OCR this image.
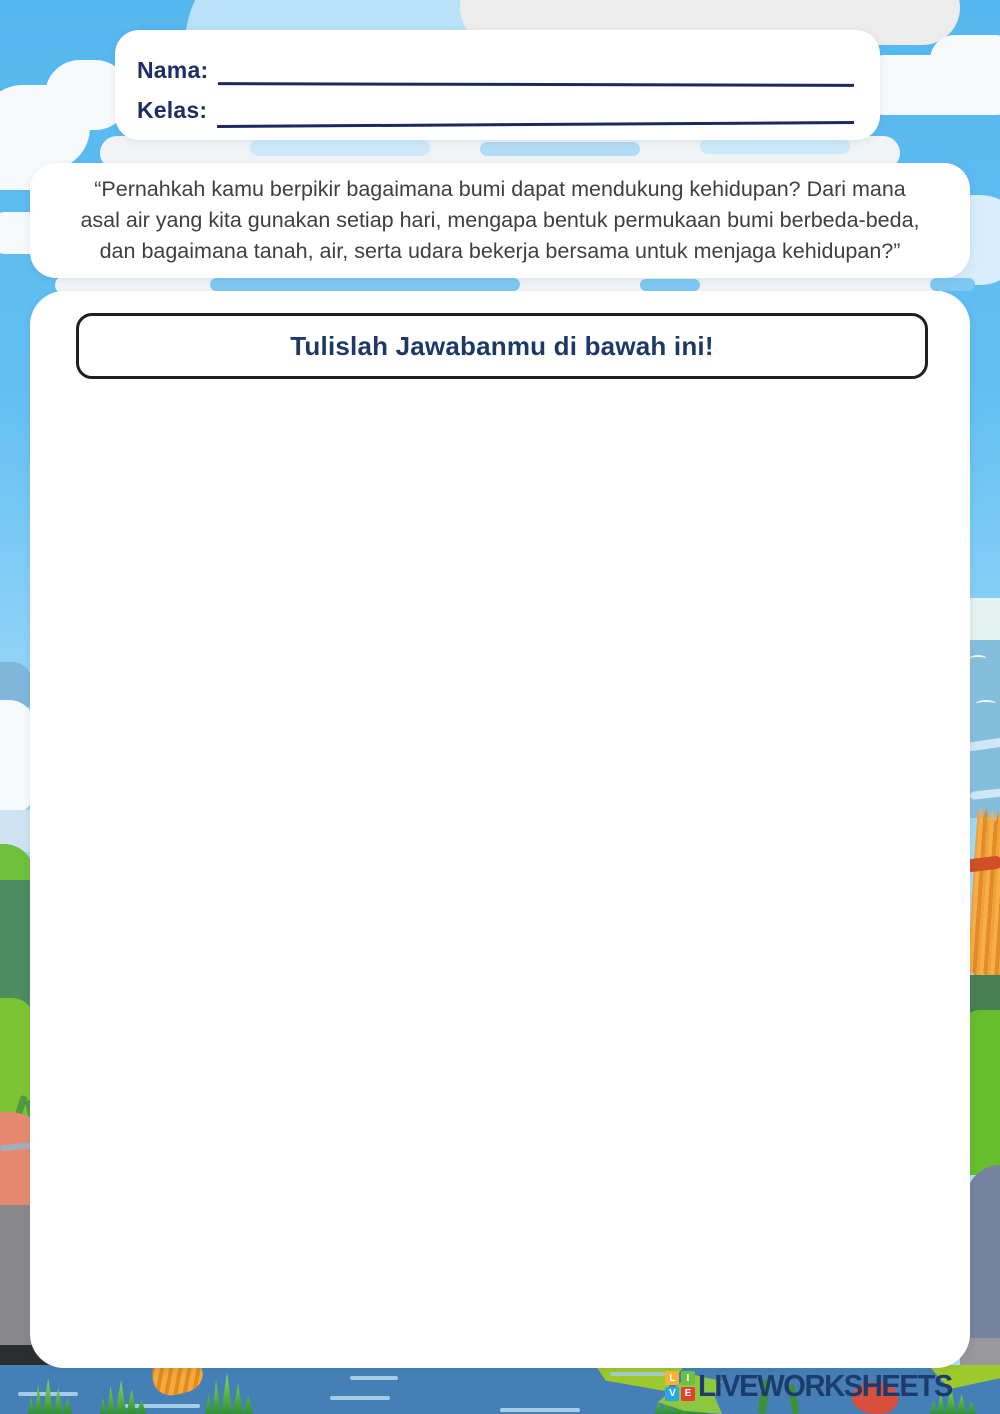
Nama:
Kelas:

“Pernahkah kamu berpikir bagaimana bumi dapat mendukung kehidupan? Dari mana asal air yang kita gunakan setiap hari, mengapa bentuk permukaan bumi berbeda-beda, dan bagaimana tanah, air, serta udara bekerja bersama untuk menjaga kehidupan?”

Tulislah Jawabanmu di bawah ini!
L	I
V E LIVEWORKSHEETS
